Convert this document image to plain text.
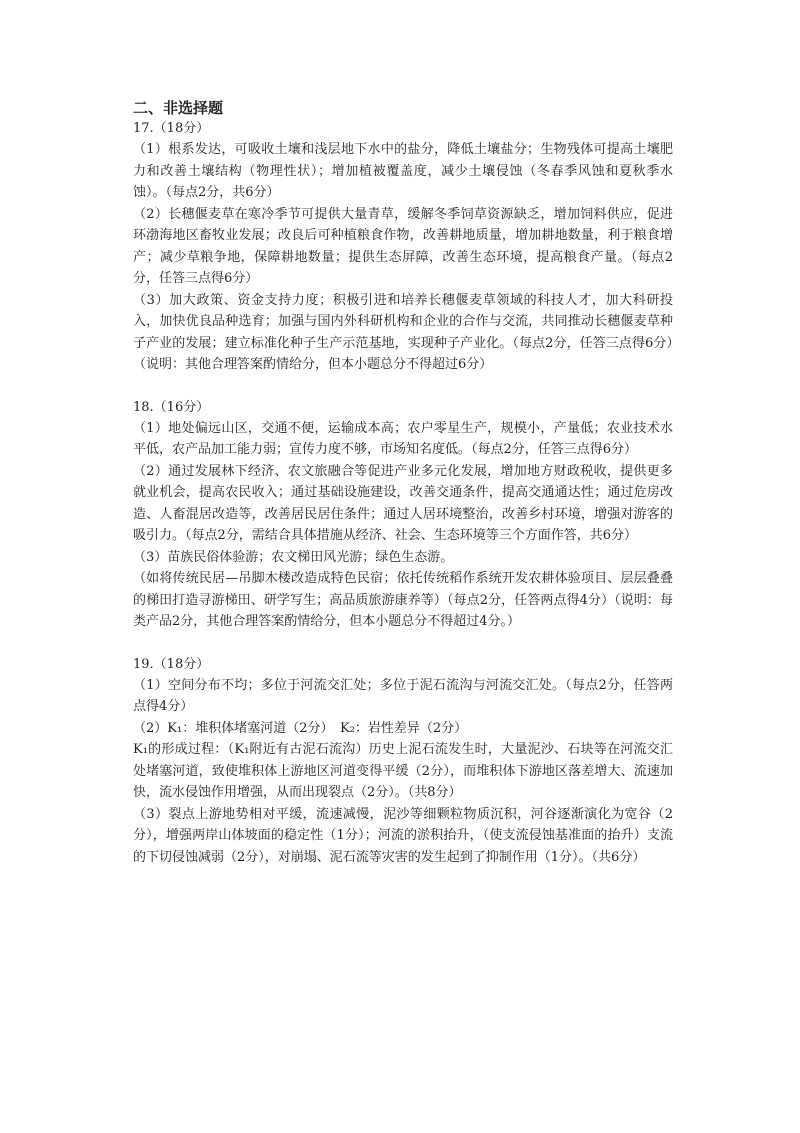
二、非选择题
17.（18分）

（1）根系发达，可吸收土壤和浅层地下水中的盐分，降低土壤盐分；生物残体可提高土壤肥力和改善土壤结构（物理性状）；增加植被覆盖度，减少土壤侵蚀（冬春季风蚀和夏秋季水蚀）。（每点2分，共6分）

（2）长穗偃麦草在寒冷季节可提供大量青草，缓解冬季饲草资源缺乏，增加饲料供应，促进环渤海地区畜牧业发展；改良后可种植粮食作物，改善耕地质量，增加耕地数量，利于粮食增产；减少草粮争地，保障耕地数量；提供生态屏障，改善生态环境，提高粮食产量。（每点2分，任答三点得6分）

（3）加大政策、资金支持力度；积极引进和培养长穗偃麦草领域的科技人才，加大科研投入，加快优良品种选育；加强与国内外科研机构和企业的合作与交流，共同推动长穗偃麦草种子产业的发展；建立标准化种子生产示范基地，实现种子产业化。（每点2分，任答三点得6分）（说明：其他合理答案酌情给分，但本小题总分不得超过6分）

18.（16分）

（1）地处偏远山区，交通不便，运输成本高；农户零星生产，规模小，产量低；农业技术水平低，农产品加工能力弱；宣传力度不够，市场知名度低。（每点2分，任答三点得6分）

（2）通过发展林下经济、农文旅融合等促进产业多元化发展，增加地方财政税收，提供更多就业机会，提高农民收入；通过基础设施建设，改善交通条件，提高交通通达性；通过危房改造、人畜混居改造等，改善居民居住条件；通过人居环境整治，改善乡村环境，增强对游客的吸引力。（每点2分，需结合具体措施从经济、社会、生态环境等三个方面作答，共6分）

（3）苗族民俗体验游；农文梯田风光游；绿色生态游。

（如将传统民居—吊脚木楼改造成特色民宿；依托传统稻作系统开发农耕体验项目、层层叠叠的梯田打造寻游梯田、研学写生；高品质旅游康养等）（每点2分，任答两点得4分）（说明：每类产品2分，其他合理答案酌情给分，但本小题总分不得超过4分。）

19.（18分）

（1）空间分布不均；多位于河流交汇处；多位于泥石流沟与河流交汇处。（每点2分，任答两点得4分）

（2）K₁：堆积体堵塞河道（2分）　K₂：岩性差异（2分）

K₁的形成过程：（K₁附近有古泥石流沟）历史上泥石流发生时，大量泥沙、石块等在河流交汇处堵塞河道，致使堆积体上游地区河道变得平缓（2分），而堆积体下游地区落差增大、流速加快，流水侵蚀作用增强，从而出现裂点（2分）。（共8分）

（3）裂点上游地势相对平缓，流速减慢，泥沙等细颗粒物质沉积，河谷逐渐演化为宽谷（2分），增强两岸山体坡面的稳定性（1分）；河流的淤积抬升，（使支流侵蚀基准面的抬升）支流的下切侵蚀减弱（2分），对崩塌、泥石流等灾害的发生起到了抑制作用（1分）。（共6分）
